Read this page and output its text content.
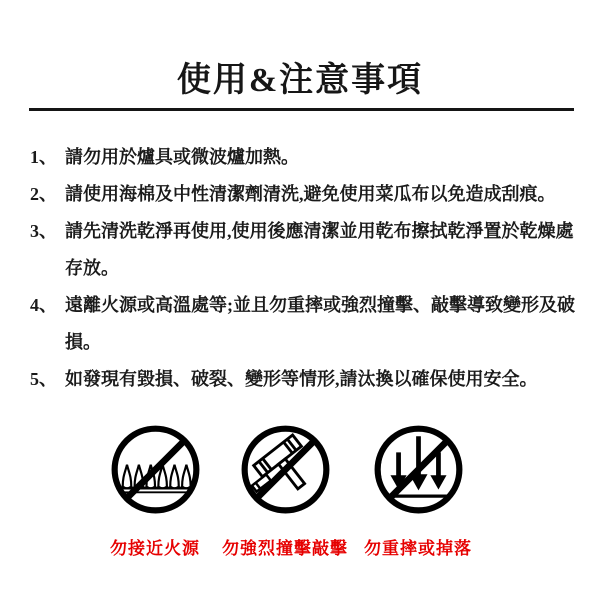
使用&注意事項
1、 請勿用於爐具或微波爐加熱。
2、 請使用海棉及中性清潔劑清洗,避免使用菜瓜布以免造成刮痕。
3、 請先清洗乾淨再使用,使用後應清潔並用乾布擦拭乾淨置於乾燥處存放。
4、 遠離火源或高溫處等;並且勿重摔或強烈撞擊、敲擊導致變形及破損。
5、 如發現有毀損、破裂、變形等情形,請汰換以確保使用安全。
勿接近火源	勿強烈撞擊敲擊 勿重摔或掉落
